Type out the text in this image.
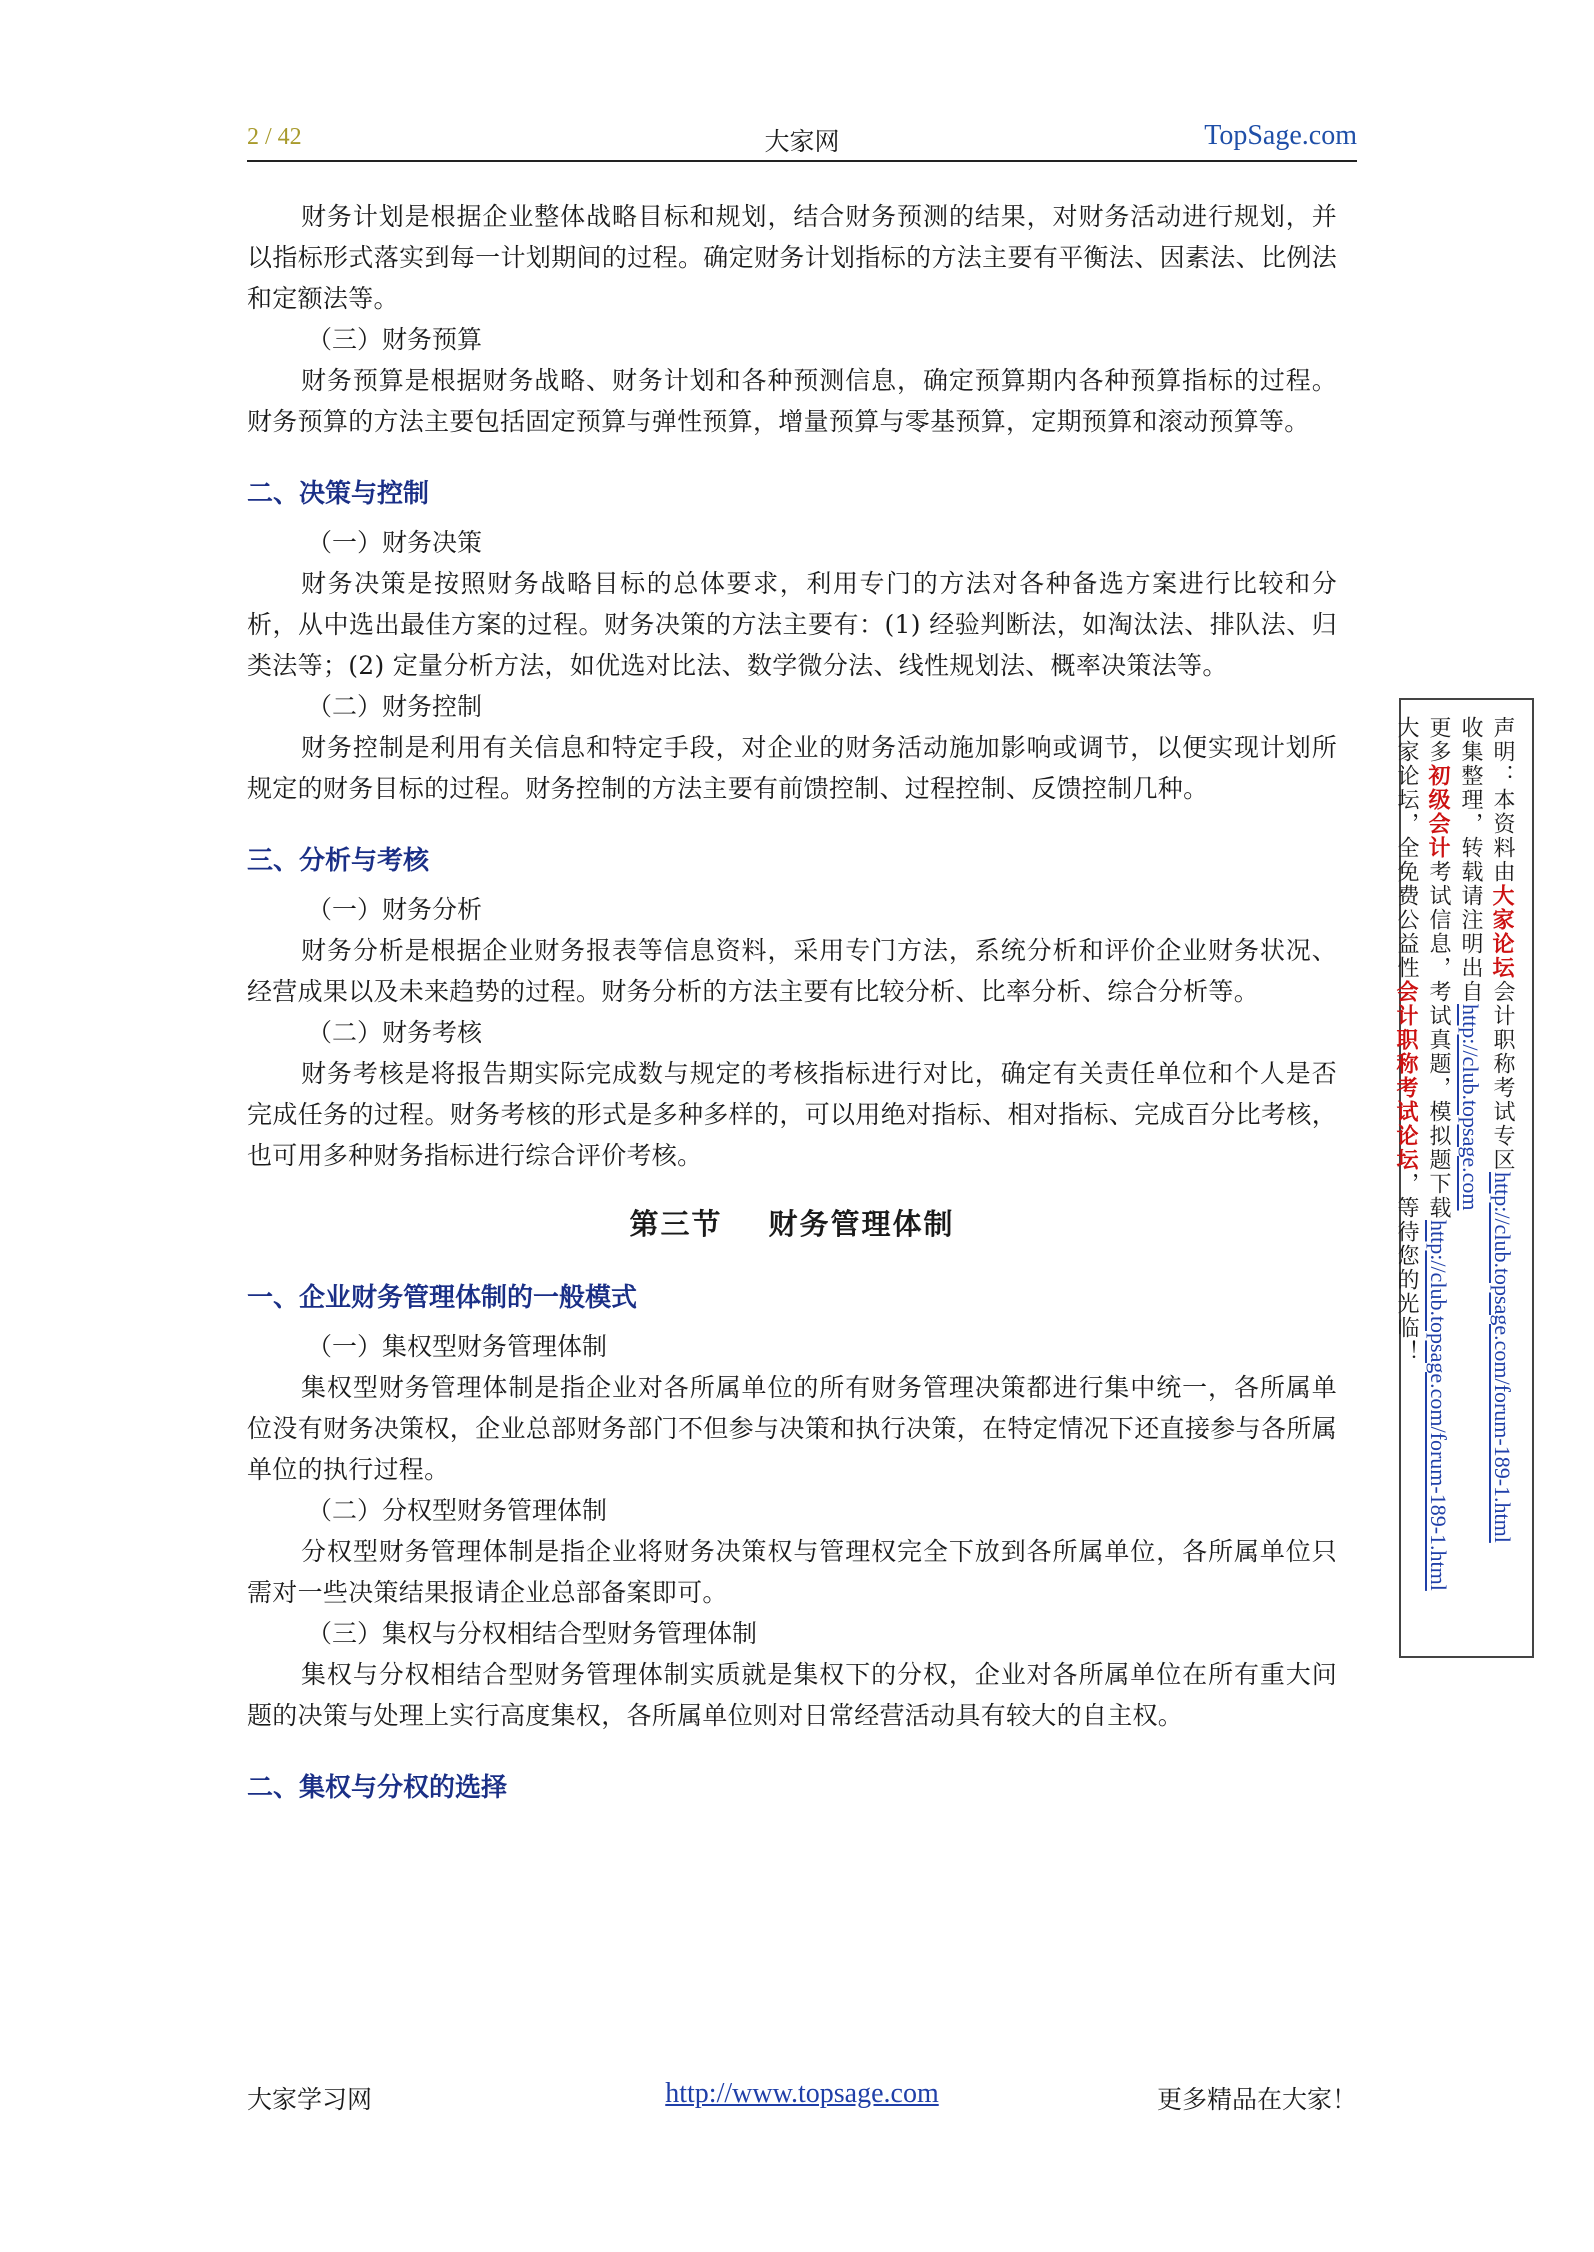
2 / 42	大家网	TopSage.com

财务计划是根据企业整体战略目标和规划，结合财务预测的结果，对财务活动进行规划，并以指标形式落实到每一计划期间的过程。确定财务计划指标的方法主要有平衡法、因素法、比例法和定额法等。

（三）财务预算

财务预算是根据财务战略、财务计划和各种预测信息，确定预算期内各种预算指标的过程。财务预算的方法主要包括固定预算与弹性预算，增量预算与零基预算，定期预算和滚动预算等。

二、决策与控制

（一）财务决策

财务决策是按照财务战略目标的总体要求，利用专门的方法对各种备选方案进行比较和分析，从中选出最佳方案的过程。财务决策的方法主要有：(1) 经验判断法，如淘汰法、排队法、归类法等；(2) 定量分析方法，如优选对比法、数学微分法、线性规划法、概率决策法等。

（二）财务控制

财务控制是利用有关信息和特定手段，对企业的财务活动施加影响或调节，以便实现计划所规定的财务目标的过程。财务控制的方法主要有前馈控制、过程控制、反馈控制几种。

三、分析与考核

（一）财务分析

财务分析是根据企业财务报表等信息资料，采用专门方法，系统分析和评价企业财务状况、经营成果以及未来趋势的过程。财务分析的方法主要有比较分析、比率分析、综合分析等。

（二）财务考核

财务考核是将报告期实际完成数与规定的考核指标进行对比，确定有关责任单位和个人是否完成任务的过程。财务考核的形式是多种多样的，可以用绝对指标、相对指标、完成百分比考核，也可用多种财务指标进行综合评价考核。

第三节 财务管理体制
一、企业财务管理体制的一般模式

（一）集权型财务管理体制

集权型财务管理体制是指企业对各所属单位的所有财务管理决策都进行集中统一，各所属单位没有财务决策权，企业总部财务部门不但参与决策和执行决策，在特定情况下还直接参与各所属单位的执行过程。

（二）分权型财务管理体制

分权型财务管理体制是指企业将财务决策权与管理权完全下放到各所属单位，各所属单位只需对一些决策结果报请企业总部备案即可。

（三）集权与分权相结合型财务管理体制

集权与分权相结合型财务管理体制实质就是集权下的分权，企业对各所属单位在所有重大问题的决策与处理上实行高度集权，各所属单位则对日常经营活动具有较大的自主权。

二、集权与分权的选择
声明：本资料由大家论坛会计职称考试专区http://club.topsage.com/forum-189-1.html
收集整理，转载请注明出自http://club.topsage.com
更多初级会计考试信息，考试真题，模拟题下载http://club.topsage.com/forum-189-1.html
大家论坛，全免费公益性会计职称考试论坛，等待您的光临！
大家学习网	http://www.topsage.com	更多精品在大家！
